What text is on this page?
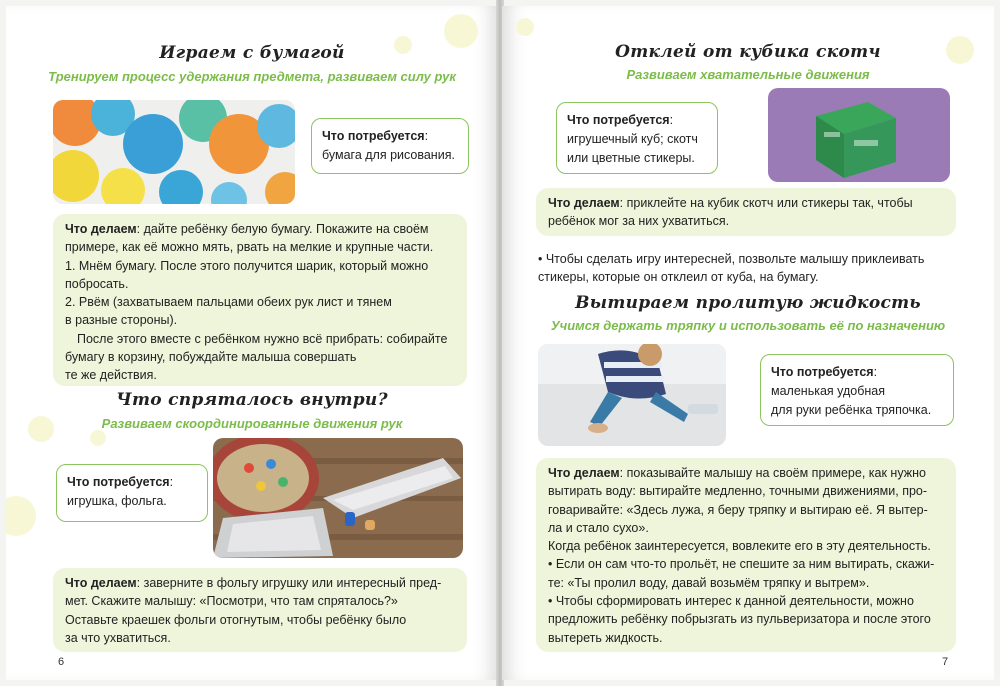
Играем с бумагой
Тренируем процесс удержания предмета, развиваем силу рук
Что потребуется:
бумага для рисования.
Что делаем: дайте ребёнку белую бумагу. Покажите на своём
примере, как её можно мять, рвать на мелкие и крупные части.
1. Мнём бумагу. После этого получится шарик, который можно
побросать.
2. Рвём (захватываем пальцами обеих рук лист и тянем
в разные стороны).
После этого вместе с ребёнком нужно всё прибрать: собирайте
бумагу в корзину, побуждайте малыша совершать
те же действия.
Что спряталось внутри?
Развиваем скоординированные движения рук
Что потребуется:
игрушка, фольга.
Что делаем: заверните в фольгу игрушку или интересный пред-
мет. Скажите малышу: «Посмотри, что там спряталось?»
Оставьте краешек фольги отогнутым, чтобы ребёнку было
за что ухватиться.
6
Отклей от кубика скотч
Развиваем хватательные движения
Что потребуется:
игрушечный куб; скотч
или цветные стикеры.
Что делаем: приклейте на кубик скотч или стикеры так, чтобы
ребёнок мог за них ухватиться.
• Чтобы сделать игру интересней, позвольте малышу приклеивать
стикеры, которые он отклеил от куба, на бумагу.
Вытираем пролитую жидкость
Учимся держать тряпку и использовать её по назначению
Что потребуется:
маленькая удобная
для руки ребёнка тряпочка.
Что делаем: показывайте малышу на своём примере, как нужно
вытирать воду: вытирайте медленно, точными движениями, про-
говаривайте: «Здесь лужа, я беру тряпку и вытираю её. Я вытер-
ла и стало сухо».
Когда ребёнок заинтересуется, вовлеките его в эту деятельность.
• Если он сам что-то прольёт, не спешите за ним вытирать, скажи-
те: «Ты пролил воду, давай возьмём тряпку и вытрем».
• Чтобы сформировать интерес к данной деятельности, можно
предложить ребёнку побрызгать из пульверизатора и после этого
вытереть жидкость.
7
